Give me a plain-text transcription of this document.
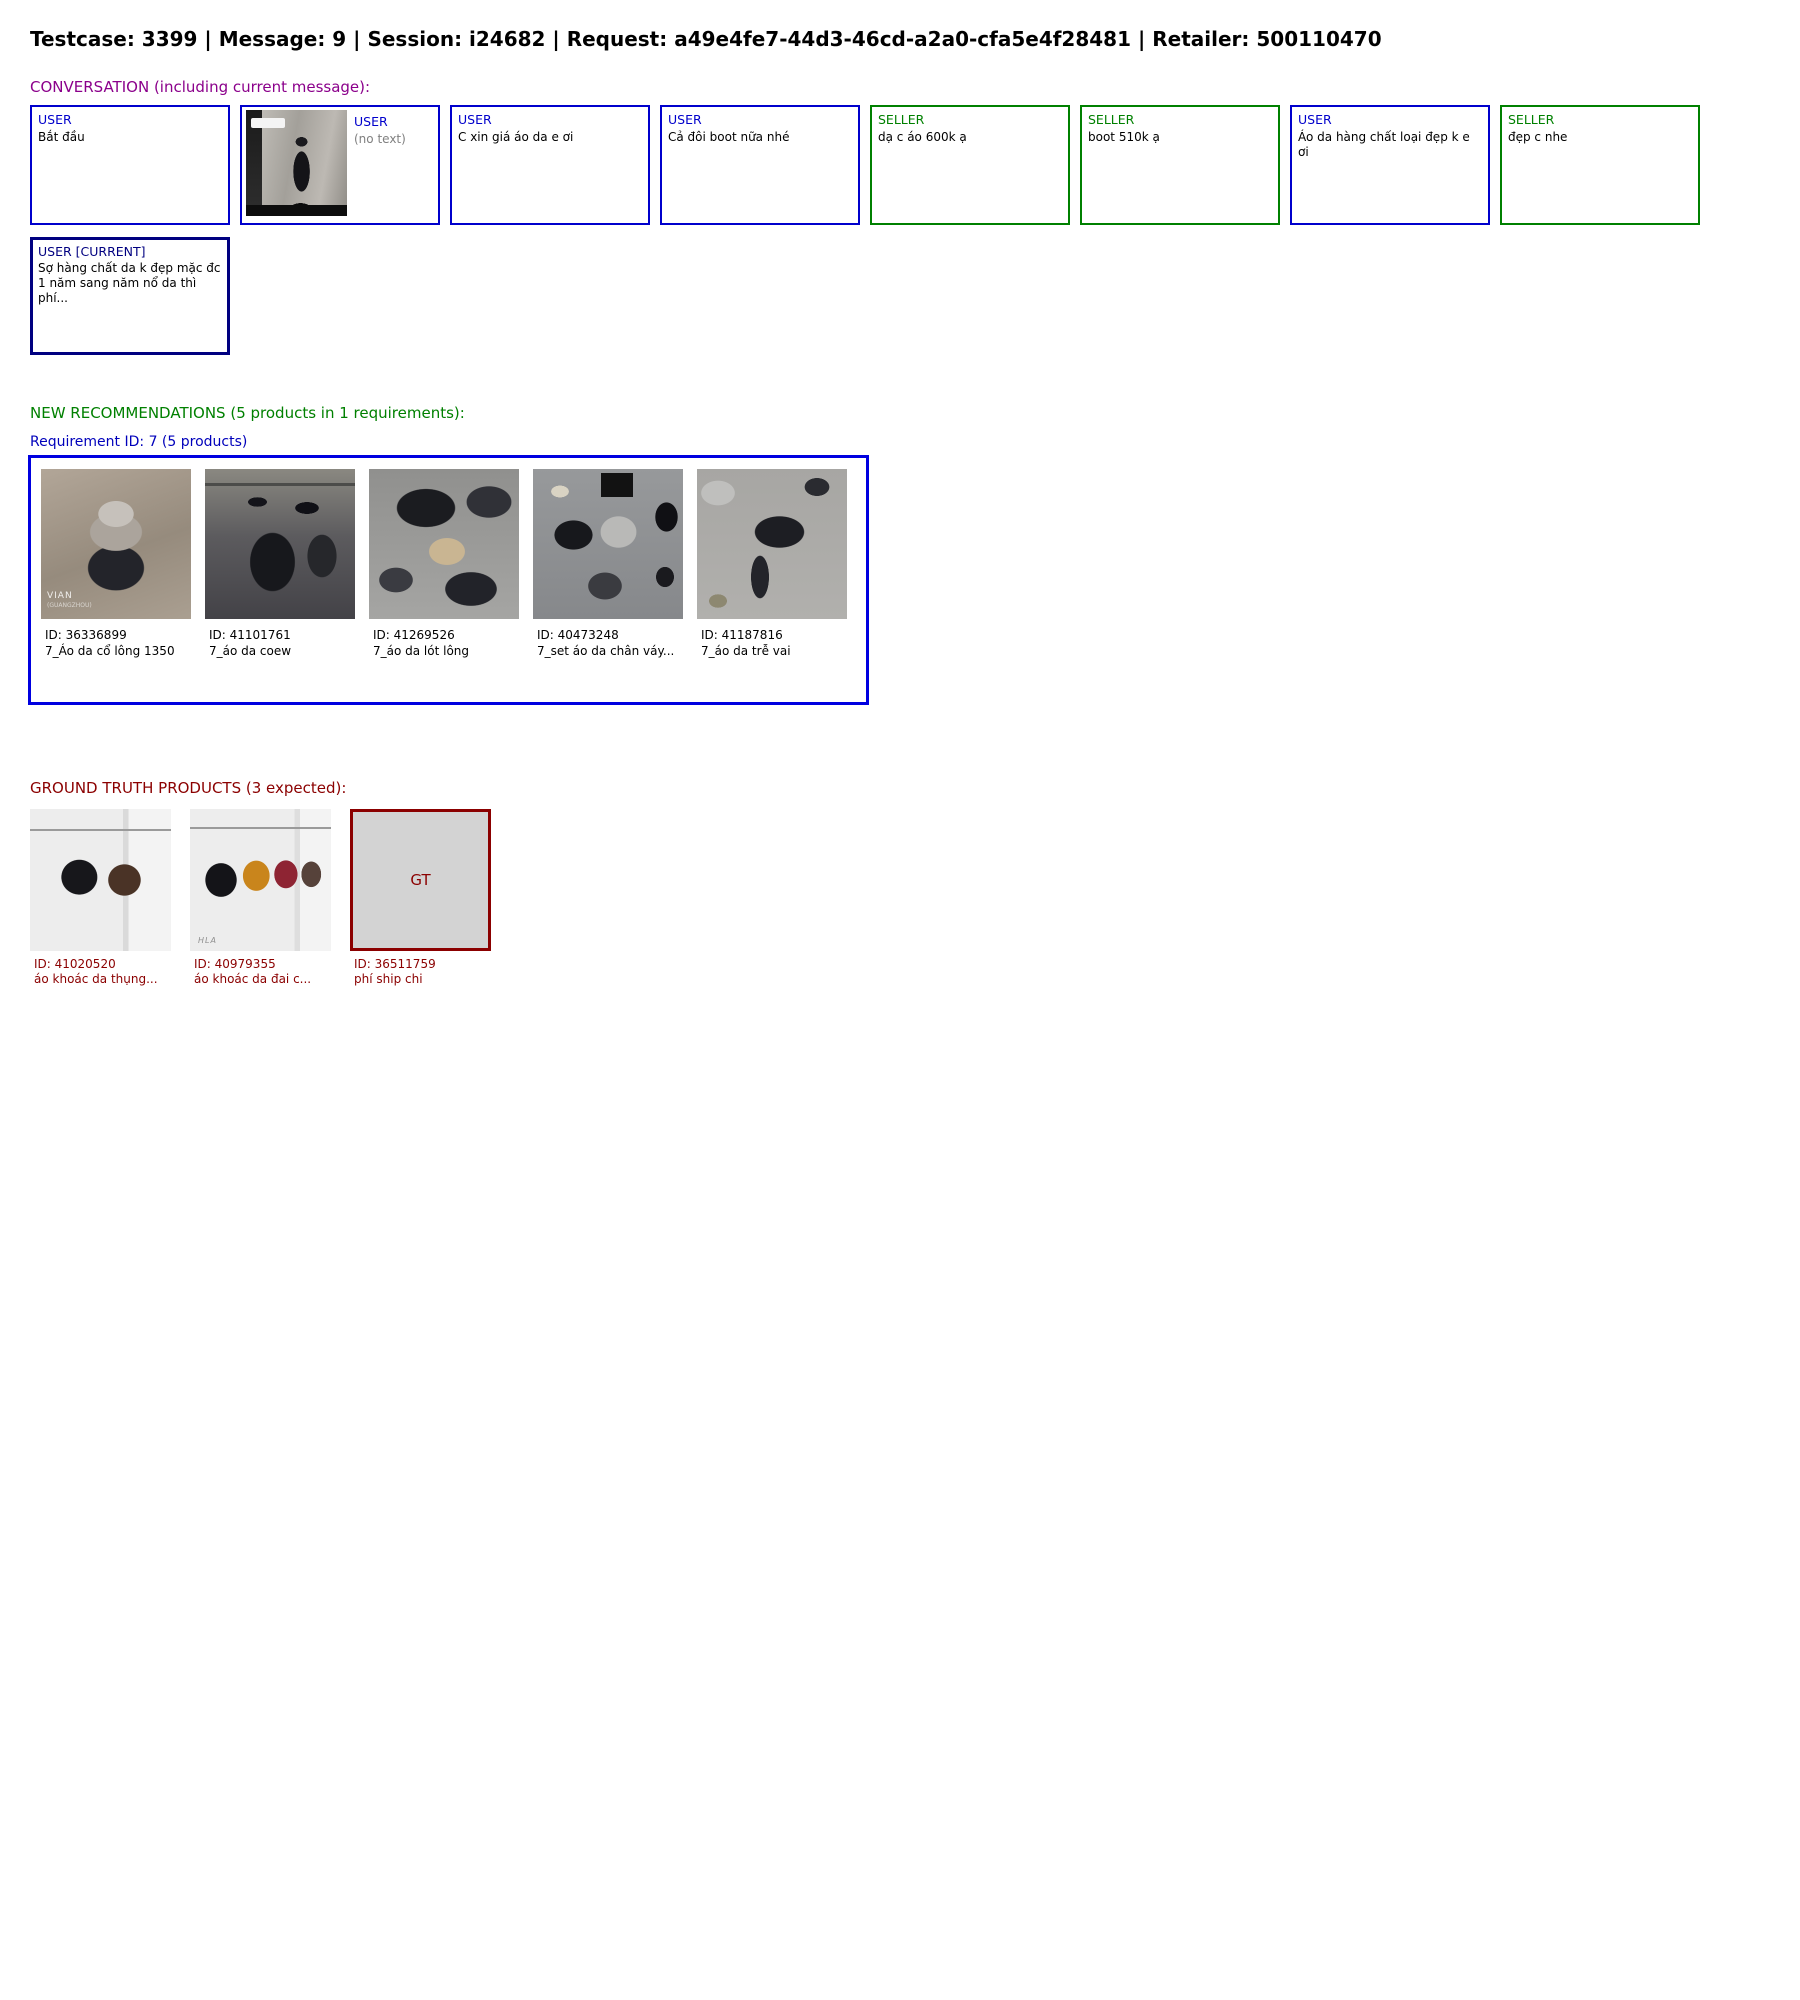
Testcase: 3399 | Message: 9 | Session: i24682 | Request: a49e4fe7-44d3-46cd-a2a0-cfa5e4f28481 | Retailer: 500110470
CONVERSATION (including current message):
USER
Bắt đầu
USER
(no text)
USER
C xin giá áo da e ơi
USER
Cả đôi boot nữa nhé
SELLER
dạ c áo 600k ạ
SELLER
boot 510k ạ
USER
Áo da hàng chất loại đẹp k e ơi
SELLER
đẹp c nhe
USER [CURRENT]
Sợ hàng chất da k đẹp mặc đc 1 năm sang năm nổ da thì phí...
NEW RECOMMENDATIONS (5 products in 1 requirements):
Requirement ID: 7 (5 products)
VIAN
(GUANGZHOU)
ID: 36336899
7_Áo da cổ lông 1350
ID: 41101761
7_áo da coew
ID: 41269526
7_áo da lót lông
ID: 40473248
7_set áo da chân váy...
ID: 41187816
7_áo da trễ vai
GROUND TRUTH PRODUCTS (3 expected):
ID: 41020520
áo khoác da thụng...
HLA
ID: 40979355
áo khoác da đai c...
GT
ID: 36511759
phí ship chi
